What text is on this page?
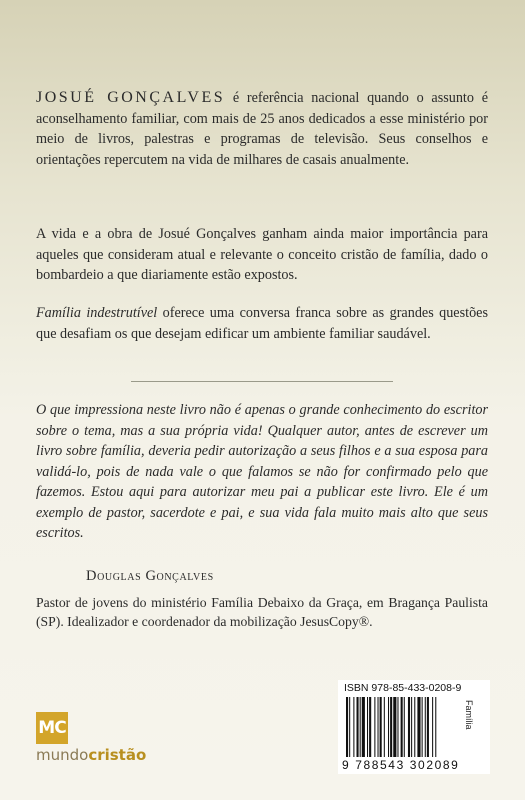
JOSUÉ GONÇALVES é referência nacional quando o assunto é aconselhamento familiar, com mais de 25 anos dedicados a esse ministério por meio de livros, palestras e programas de televisão. Seus conselhos e orientações repercutem na vida de milhares de casais anualmente.

A vida e a obra de Josué Gonçalves ganham ainda maior importância para aqueles que consideram atual e relevante o conceito cristão de família, dado o bombardeio a que diariamente estão expostos.

Família indestrutível oferece uma conversa franca sobre as grandes questões que desafiam os que desejam edificar um ambiente familiar saudável.

O que impressiona neste livro não é apenas o grande conhecimento do escritor sobre o tema, mas a sua própria vida! Qualquer autor, antes de escrever um livro sobre família, deveria pedir autorização a seus filhos e a sua esposa para validá-lo, pois de nada vale o que falamos se não for confirmado pelo que fazemos. Estou aqui para autorizar meu pai a publicar este livro. Ele é um exemplo de pastor, sacerdote e pai, e sua vida fala muito mais alto que seus escritos.

Douglas Gonçalves

Pastor de jovens do ministério Família Debaixo da Graça, em Bragança Paulista (SP). Idealizador e coordenador da mobilização JesusCopy®.

MC
mundocristão
ISBN 978-85-433-0208-9
9 788543 302089
Família
